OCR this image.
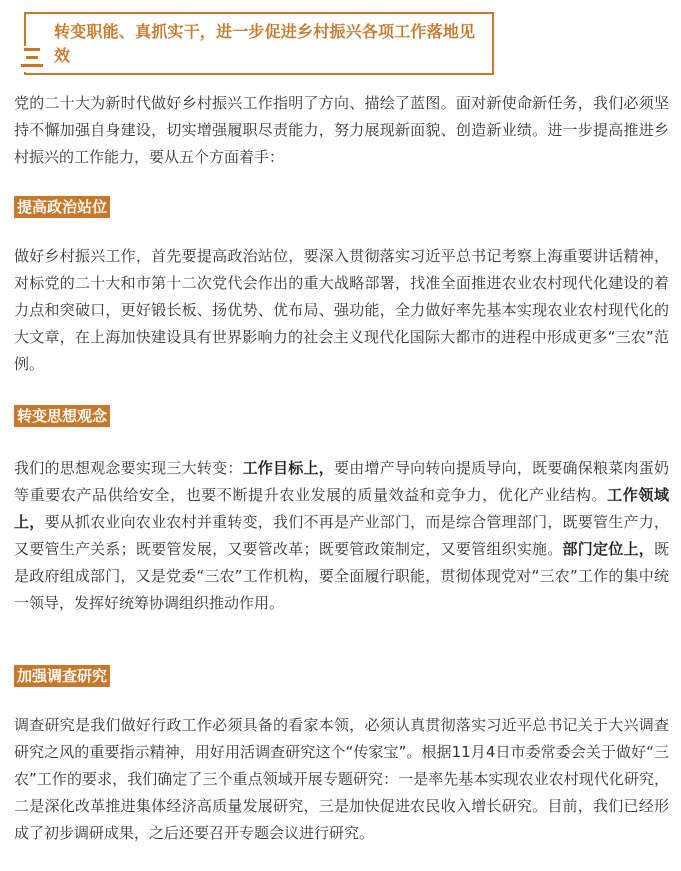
转变职能、真抓实干，进一步促进乡村振兴各项工作落地见效

党的二十大为新时代做好乡村振兴工作指明了方向、描绘了蓝图。面对新使命新任务，我们必须坚持不懈加强自身建设，切实增强履职尽责能力，努力展现新面貌、创造新业绩。进一步提高推进乡村振兴的工作能力，要从五个方面着手：

提高政治站位

做好乡村振兴工作，首先要提高政治站位，要深入贯彻落实习近平总书记考察上海重要讲话精神，对标党的二十大和市第十二次党代会作出的重大战略部署，找准全面推进农业农村现代化建设的着力点和突破口，更好锻长板、扬优势、优布局、强功能，全力做好率先基本实现农业农村现代化的大文章，在上海加快建设具有世界影响力的社会主义现代化国际大都市的进程中形成更多“三农”范例。

转变思想观念

我们的思想观念要实现三大转变：工作目标上，要由增产导向转向提质导向，既要确保粮菜肉蛋奶等重要农产品供给安全，也要不断提升农业发展的质量效益和竞争力，优化产业结构。工作领域上，要从抓农业向农业农村并重转变，我们不再是产业部门，而是综合管理部门，既要管生产力，又要管生产关系；既要管发展，又要管改革；既要管政策制定，又要管组织实施。部门定位上，既是政府组成部门，又是党委“三农”工作机构，要全面履行职能，贯彻体现党对“三农”工作的集中统一领导，发挥好统筹协调组织推动作用。

加强调查研究

调查研究是我们做好行政工作必须具备的看家本领，必须认真贯彻落实习近平总书记关于大兴调查研究之风的重要指示精神，用好用活调查研究这个“传家宝”。根据11月4日市委常委会关于做好“三农”工作的要求，我们确定了三个重点领域开展专题研究：一是率先基本实现农业农村现代化研究，二是深化改革推进集体经济高质量发展研究，三是加快促进农民收入增长研究。目前，我们已经形成了初步调研成果，之后还要召开专题会议进行研究。
